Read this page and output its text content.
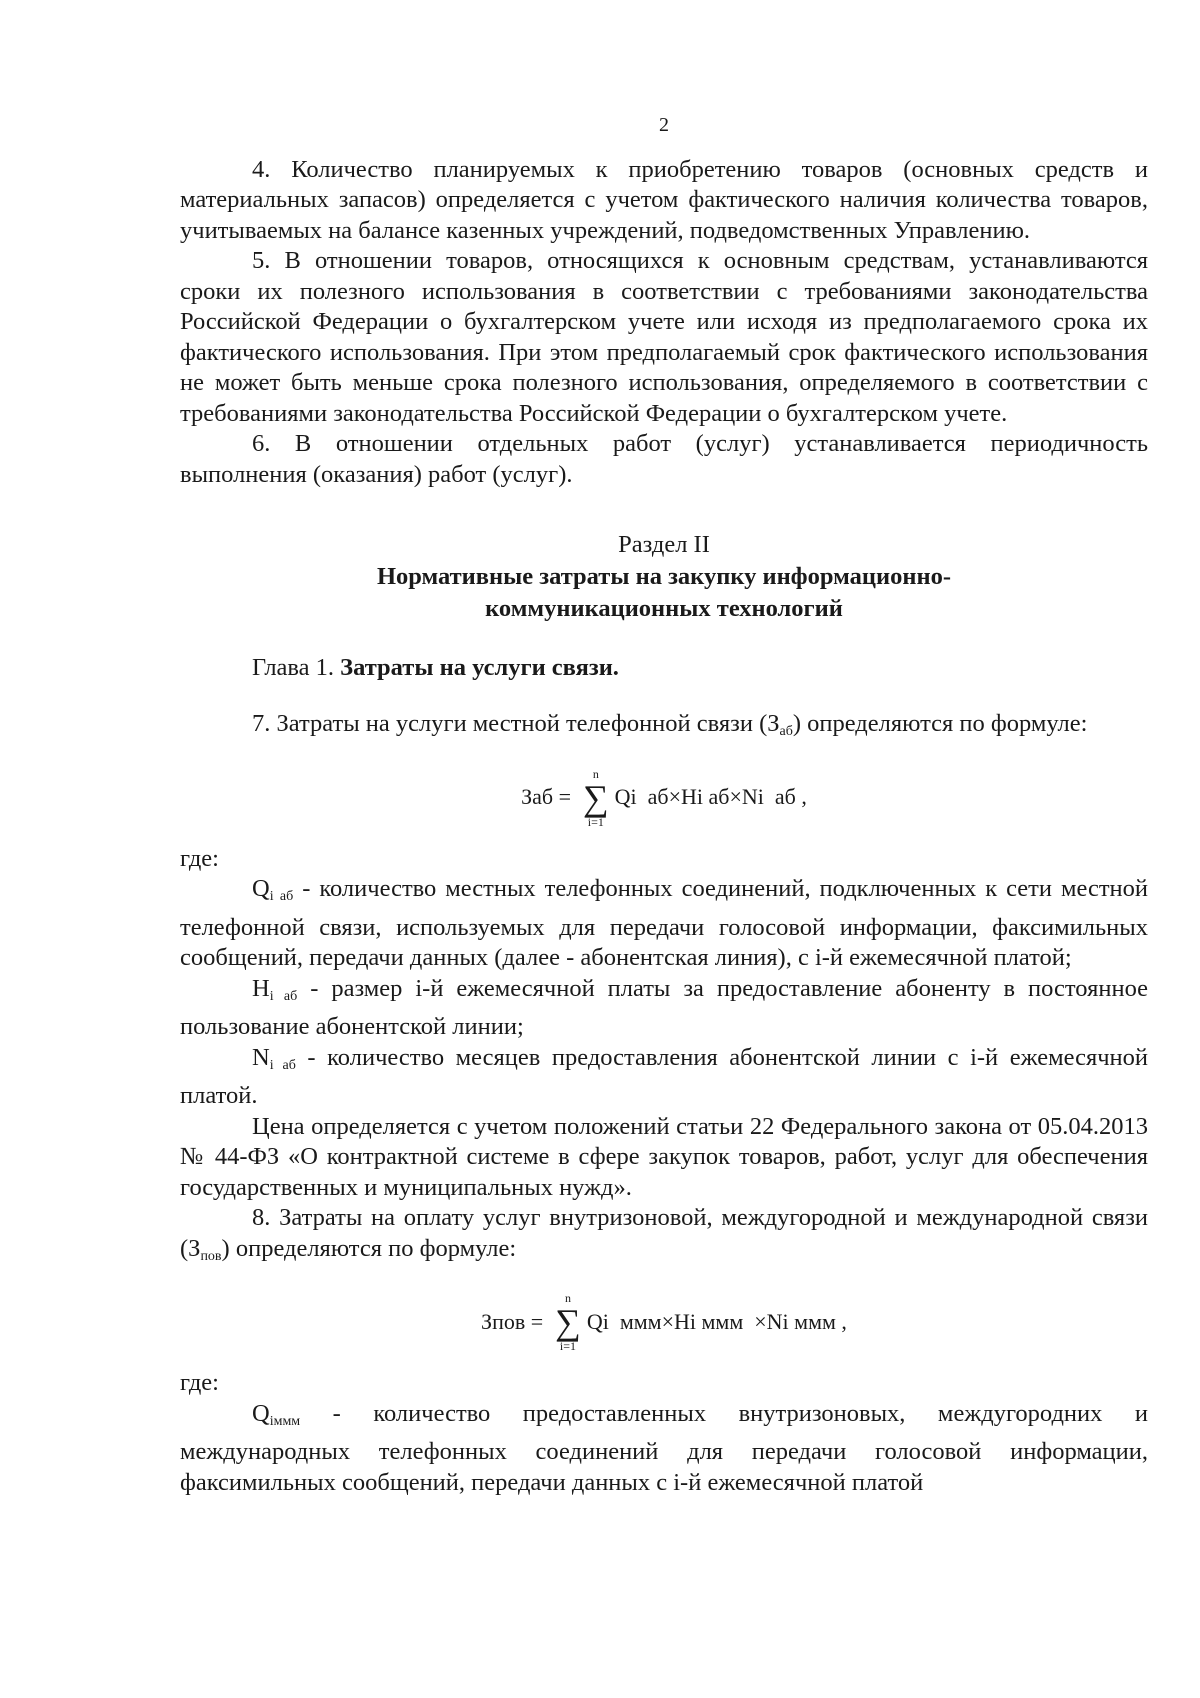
2

4. Количество планируемых к приобретению товаров (основных средств и материальных запасов) определяется с учетом фактического наличия количества товаров, учитываемых на балансе казенных учреждений, подведомственных Управлению.

5. В отношении товаров, относящихся к основным средствам, устанавливаются сроки их полезного использования в соответствии с требованиями законодательства Российской Федерации о бухгалтерском учете или исходя из предполагаемого срока их фактического использования. При этом предполагаемый срок фактического использования не может быть меньше срока полезного использования, определяемого в соответствии с требованиями законодательства Российской Федерации о бухгалтерском учете.

6. В отношении отдельных работ (услуг) устанавливается периодичность выполнения (оказания) работ (услуг).

Раздел II
Нормативные затраты на закупку информационно-
коммуникационных технологий

Глава 1. Затраты на услуги связи.

7. Затраты на услуги местной телефонной связи $(З_{аб})$ определяются по формуле:

Заб =
n
∑
i=1
Qi  аб×Hi аб×Ni  аб ,

где:

$Q_{i аб}$ - количество местных телефонных соединений, подключенных к сети местной телефонной связи, используемых для передачи голосовой информации, факсимильных сообщений, передачи данных (далее - абонентская линия), с i-й ежемесячной платой;

$H_{i аб}$ - размер i-й ежемесячной платы за предоставление абоненту в постоянное пользование абонентской линии;

$N_{i аб}$ - количество месяцев предоставления абонентской линии с i-й ежемесячной платой.

Цена определяется с учетом положений статьи 22 Федерального закона от 05.04.2013 № 44-ФЗ «О контрактной системе в сфере закупок товаров, работ, услуг для обеспечения государственных и муниципальных нужд».

8. Затраты на оплату услуг внутризоновой, междугородной и международной связи $(З_{пов})$ определяются по формуле:

Зпов =
n
∑
i=1
Qi  ммм×Hi ммм  ×Ni ммм ,

где:

$Q_{iммм}$ - количество предоставленных внутризоновых, междугородних и международных телефонных соединений для передачи голосовой информации, факсимильных сообщений, передачи данных с i-й ежемесячной платой
